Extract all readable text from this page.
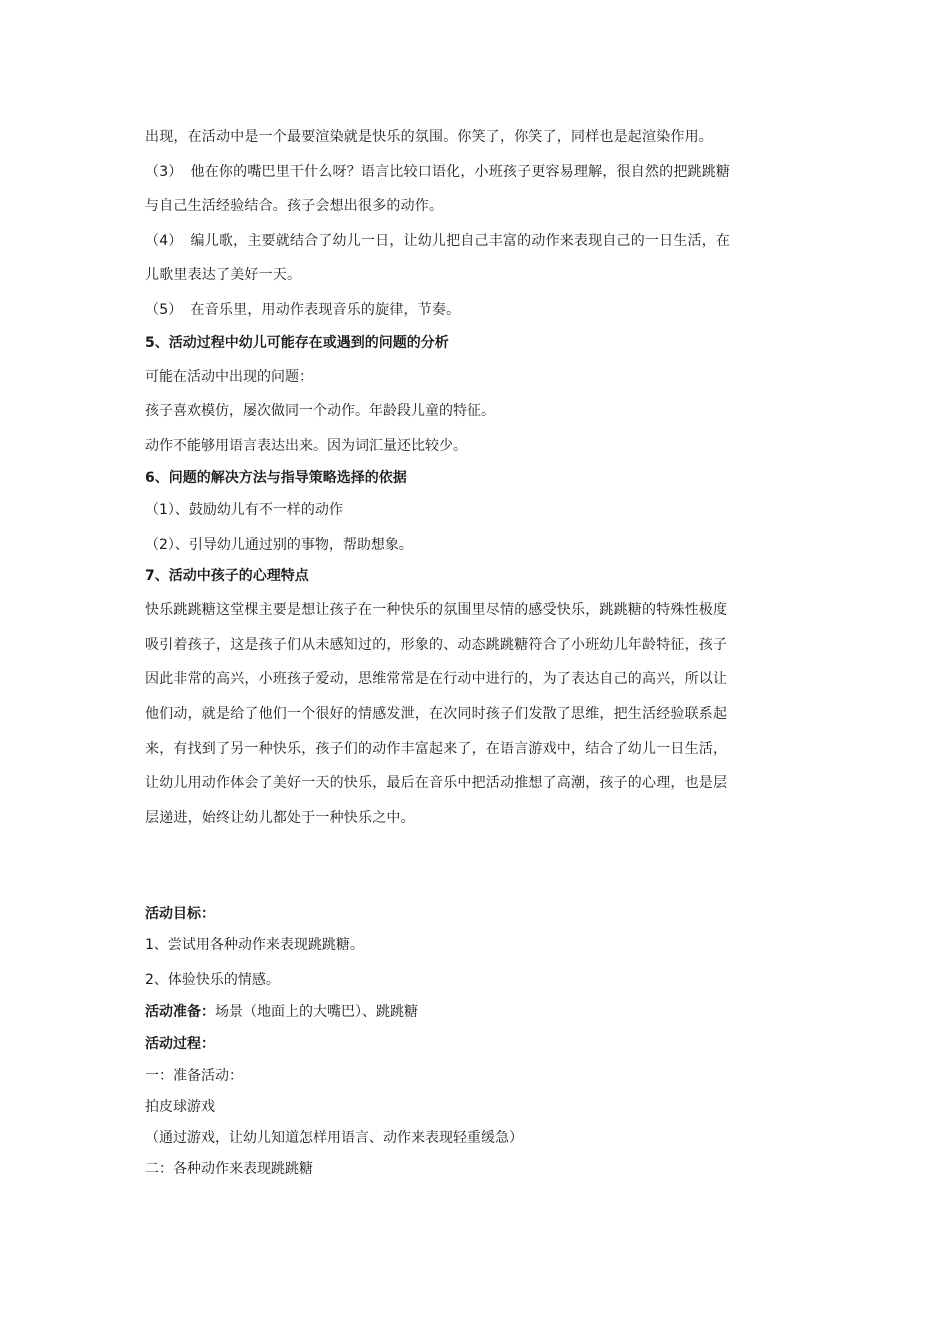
出现，在活动中是一个最要渲染就是快乐的氛围。你笑了，你笑了，同样也是起渲染作用。
（3） 他在你的嘴巴里干什么呀？语言比较口语化，小班孩子更容易理解，很自然的把跳跳糖
与自己生活经验结合。孩子会想出很多的动作。
（4） 编儿歌，主要就结合了幼儿一日，让幼儿把自己丰富的动作来表现自己的一日生活，在
儿歌里表达了美好一天。
（5） 在音乐里，用动作表现音乐的旋律，节奏。
5、活动过程中幼儿可能存在或遇到的问题的分析
可能在活动中出现的问题：
孩子喜欢模仿，屡次做同一个动作。年龄段儿童的特征。
动作不能够用语言表达出来。因为词汇量还比较少。
6、问题的解决方法与指导策略选择的依据
（1）、鼓励幼儿有不一样的动作
（2）、引导幼儿通过别的事物，帮助想象。
7、活动中孩子的心理特点
快乐跳跳糖这堂棵主要是想让孩子在一种快乐的氛围里尽情的感受快乐，跳跳糖的特殊性极度
吸引着孩子，这是孩子们从未感知过的，形象的、动态跳跳糖符合了小班幼儿年龄特征，孩子
因此非常的高兴，小班孩子爱动，思维常常是在行动中进行的，为了表达自己的高兴，所以让
他们动，就是给了他们一个很好的情感发泄，在次同时孩子们发散了思维，把生活经验联系起
来，有找到了另一种快乐，孩子们的动作丰富起来了，在语言游戏中，结合了幼儿一日生活，
让幼儿用动作体会了美好一天的快乐，最后在音乐中把活动推想了高潮，孩子的心理，也是层
层递进，始终让幼儿都处于一种快乐之中。
活动目标：
1、尝试用各种动作来表现跳跳糖。
2、体验快乐的情感。
活动准备：场景（地面上的大嘴巴）、跳跳糖
活动过程：
一：准备活动：
拍皮球游戏
（通过游戏，让幼儿知道怎样用语言、动作来表现轻重缓急）
二：各种动作来表现跳跳糖
